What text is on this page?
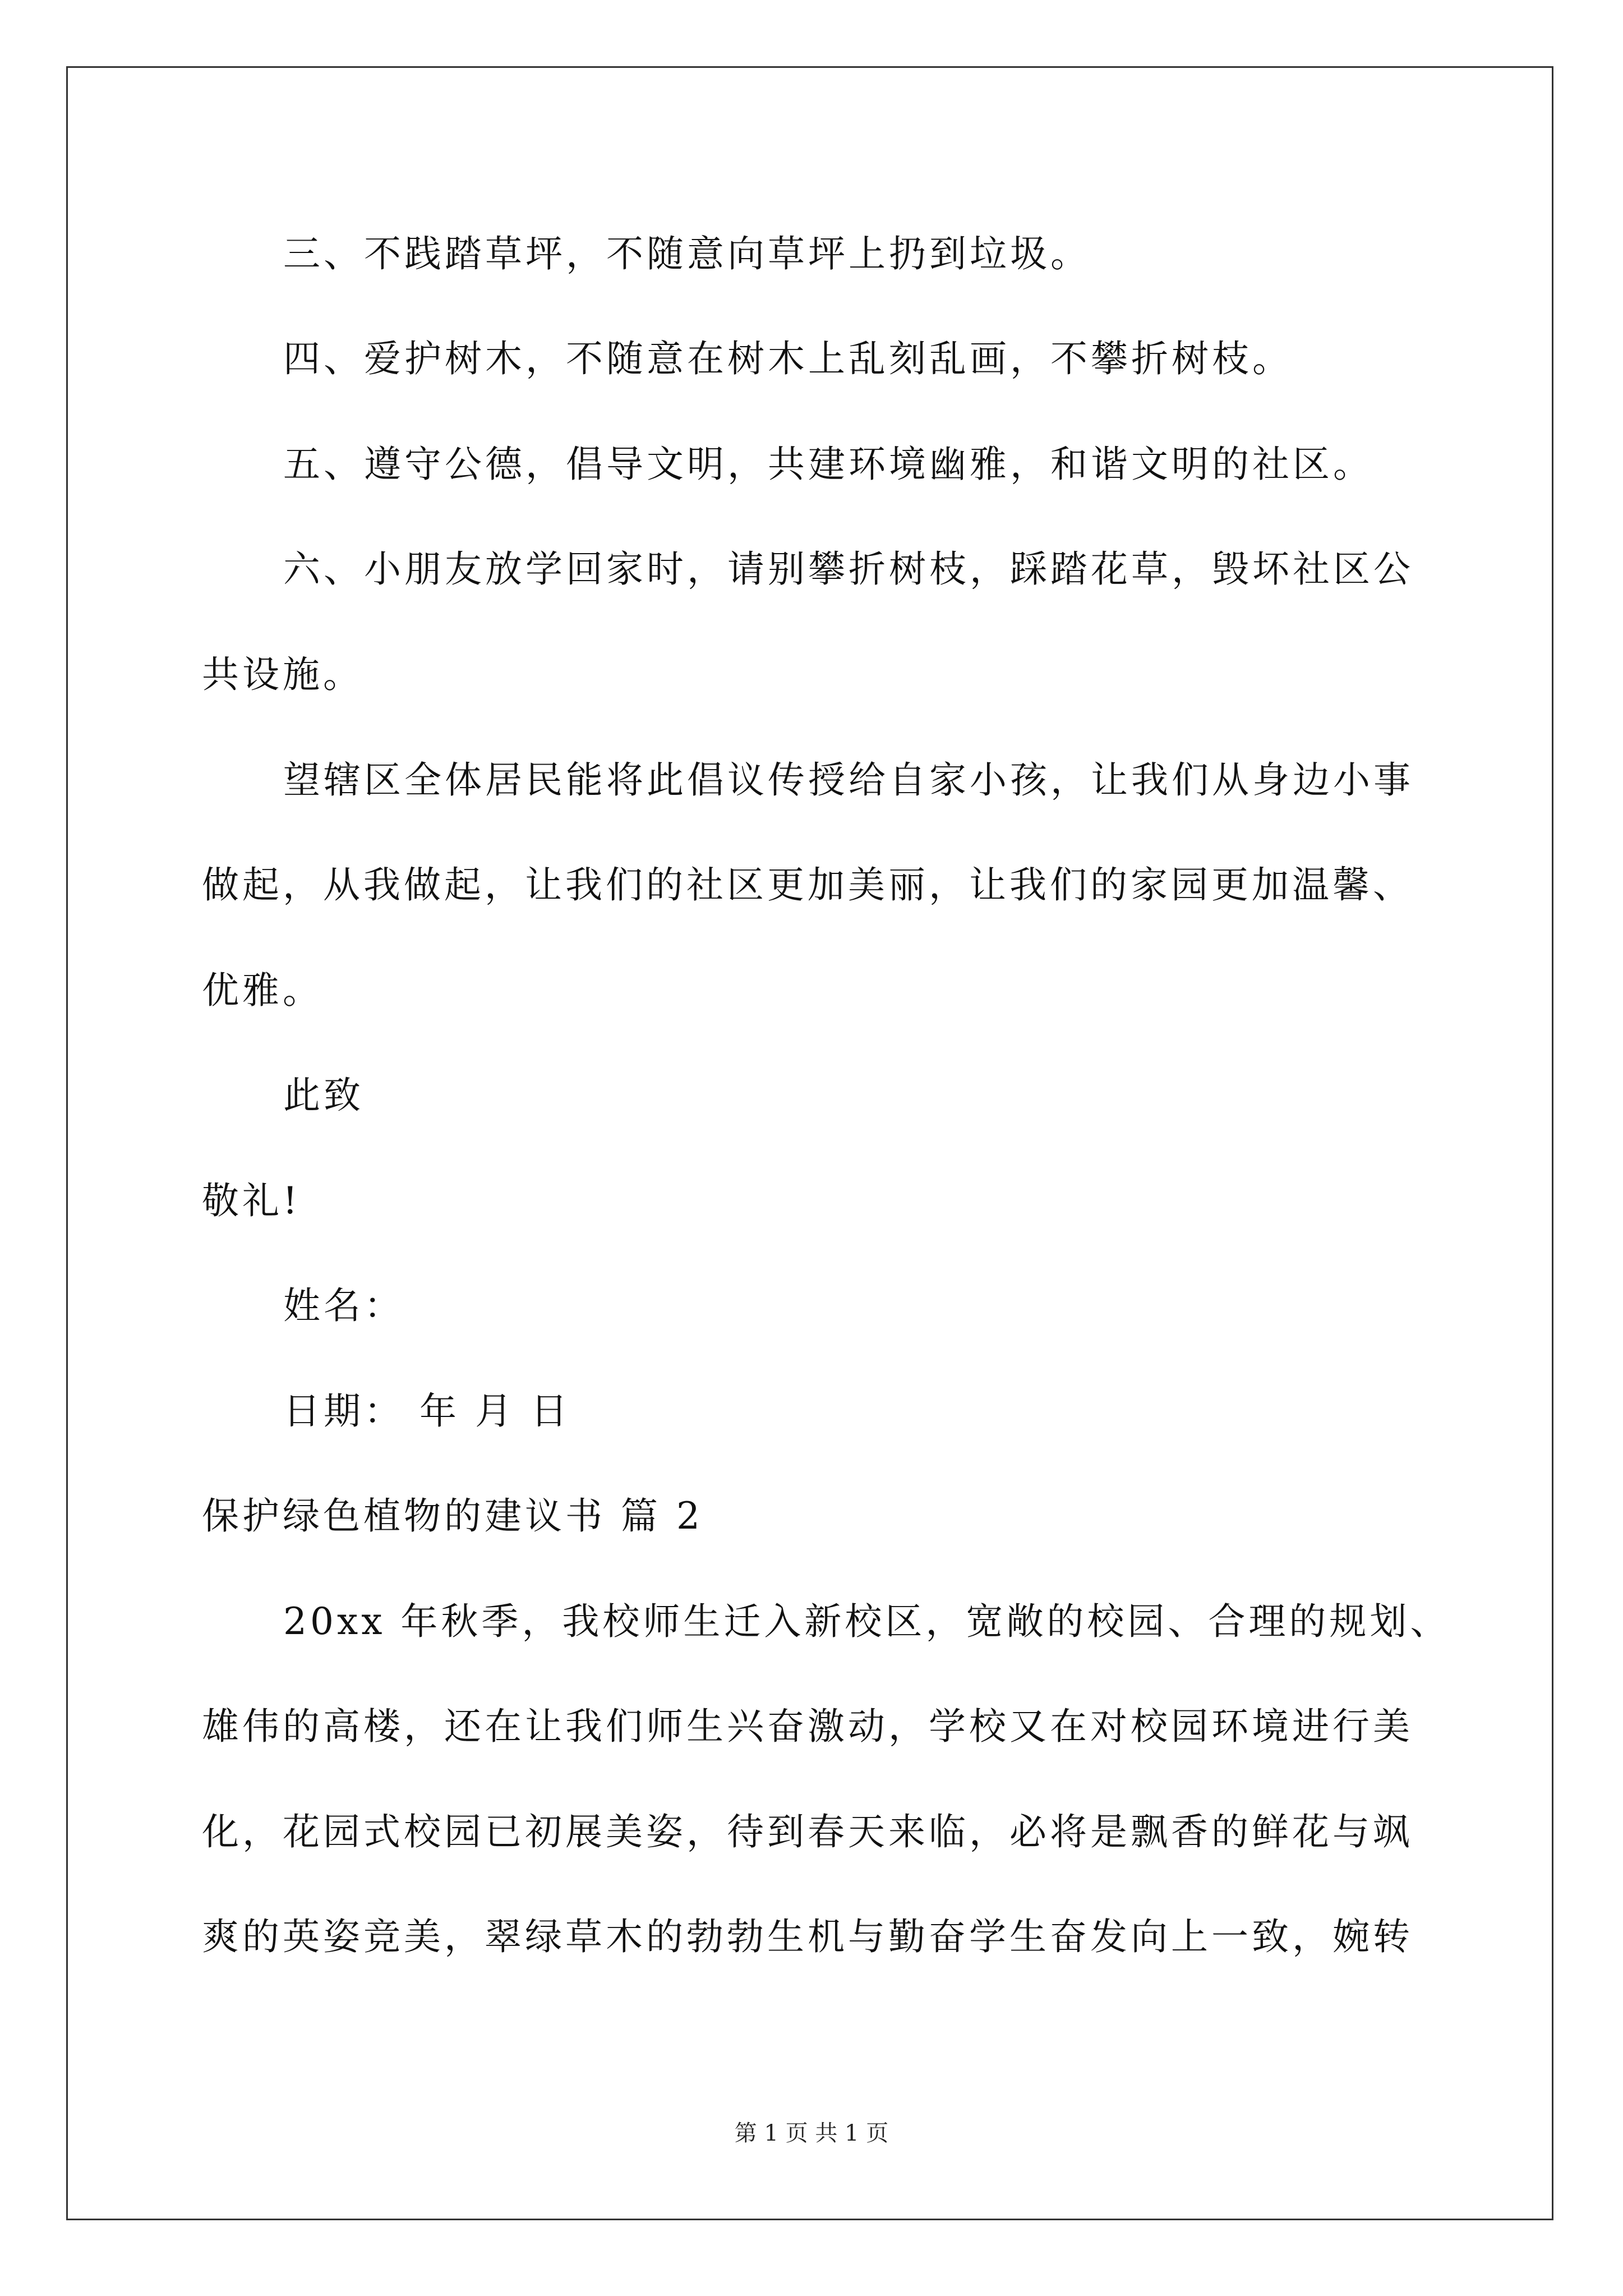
三、不践踏草坪，不随意向草坪上扔到垃圾。
四、爱护树木，不随意在树木上乱刻乱画，不攀折树枝。
五、遵守公德，倡导文明，共建环境幽雅，和谐文明的社区。
六、小朋友放学回家时，请别攀折树枝，踩踏花草，毁坏社区公
共设施。
望辖区全体居民能将此倡议传授给自家小孩，让我们从身边小事
做起，从我做起，让我们的社区更加美丽，让我们的家园更加温馨、
优雅。
此致
敬礼!
姓名：
日期： 年 月 日
保护绿色植物的建议书 篇 2
20xx 年秋季，我校师生迁入新校区，宽敞的校园、合理的规划、
雄伟的高楼，还在让我们师生兴奋激动，学校又在对校园环境进行美
化，花园式校园已初展美姿，待到春天来临，必将是飘香的鲜花与飒
爽的英姿竞美，翠绿草木的勃勃生机与勤奋学生奋发向上一致，婉转
第 1 页 共 1 页
